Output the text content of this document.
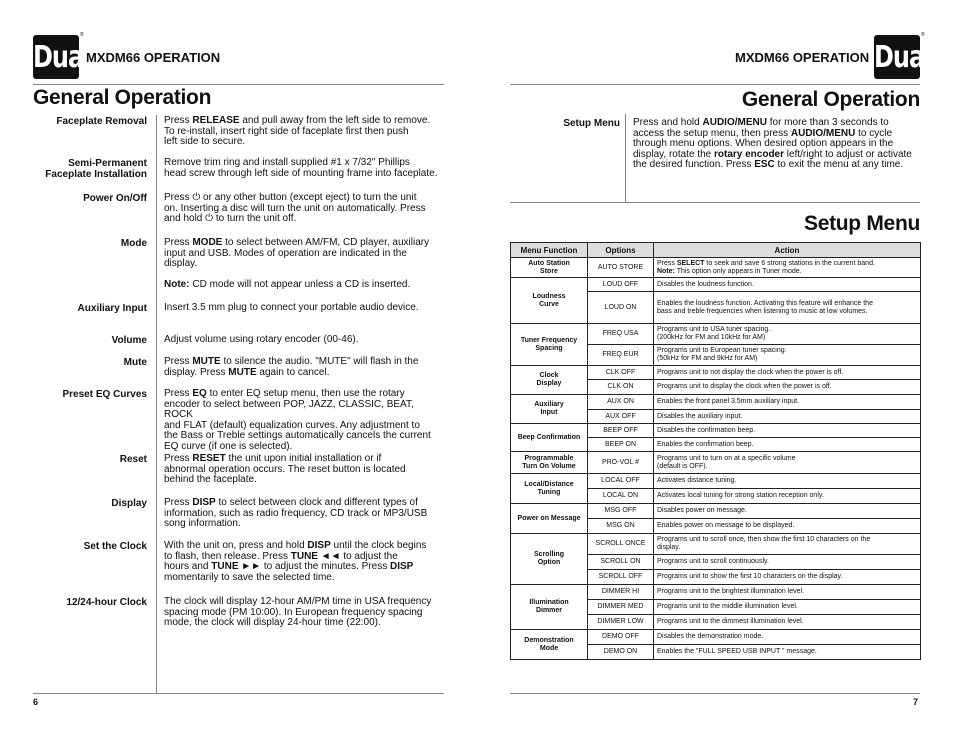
Dual
®
MXDM66 OPERATION
General Operation
6
Faceplate Removal Press RELEASE and pull away from the left side to remove.
To re-install, insert right side of faceplate first then push
left side to secure.
Semi-Permanent
Faceplate Installation
Remove trim ring and install supplied #1 x 7/32" Phillips
head screw through left side of mounting frame into faceplate.
Power On/Off Press ⏻ or any other button (except eject) to turn the unit
on. Inserting a disc will turn the unit on automatically. Press
and hold ⏻ to turn the unit off.
Mode Press MODE to select between AM/FM, CD player, auxiliary
input and USB. Modes of operation are indicated in the
display.
Note: CD mode will not appear unless a CD is inserted.
Auxiliary Input Insert 3.5 mm plug to connect your portable audio device.
Volume Adjust volume using rotary encoder (00-46).
Mute Press MUTE to silence the audio. "MUTE" will flash in the
display. Press MUTE again to cancel.
Preset EQ Curves Press EQ to enter EQ setup menu, then use the rotary
encoder to select between POP, JAZZ, CLASSIC, BEAT, ROCK
and FLAT (default) equalization curves. Any adjustment to
the Bass or Treble settings automatically cancels the current
EQ curve (if one is selected).
Reset Press RESET the unit upon initial installation or if
abnormal operation occurs. The reset button is located
behind the faceplate.
Display Press DISP to select between clock and different types of
information, such as radio frequency, CD track or MP3/USB
song information.
Set the Clock With the unit on, press and hold DISP until the clock begins
to flash, then release. Press TUNE ◄◄ to adjust the
hours and TUNE ►► to adjust the minutes. Press DISP
momentarily to save the selected time.
12/24-hour Clock The clock will display 12-hour AM/PM time in USA frequency
spacing mode (PM 10:00). In European frequency spacing
mode, the clock will display 24-hour time (22:00).
MXDM66 OPERATION Dual
®
General Operation
Setup Menu Press and hold AUDIO/MENU for more than 3 seconds to
access the setup menu, then press AUDIO/MENU to cycle
through menu options. When desired option appears in the
display, rotate the rotary encoder left/right to adjust or activate
the desired function. Press ESC to exit the menu at any time.
Setup Menu
Menu Function	Options	Action
Auto Station
Store	AUTO STORE	Press SELECT to seek and save 6 strong stations in the current band.
Note: This option only appears in Tuner mode.
Loudness
Curve	LOUD OFF	Disables the loudness function.
	LOUD ON	Enables the loudness function. Activating this feature will enhance the
bass and treble frequencies when listening to music at low volumes.
Tuner Frequency
Spacing	FREQ USA	Programs unit to USA tuner spacing.
(200kHz for FM and 10kHz for AM)
	FREQ EUR	Programs unit to European tuner spacing.
(50kHz for FM and 9kHz for AM)
Clock
Display	CLK OFF	Programs unit to not display the clock when the power is off.
	CLK ON	Programs unit to display the clock when the power is off.
Auxiliary
Input	AUX ON	Enables the front panel 3.5mm auxiliary input.
	AUX OFF	Disables the auxiliary input.
Beep Confirmation	BEEP OFF	Disables the confirmation beep.
	BEEP ON	Enables the confirmation beep.
Programmable
Turn On Volume	PRO-VOL #	Programs unit to turn on at a specific volume
(default is OFF).
Local/Distance
Tuning	LOCAL OFF	Activates distance tuning.
	LOCAL ON	Activates local tuning for strong station reception only.
Power on Message	MSG OFF	Disables power on message.
	MSG ON	Enables power on message to be displayed.
Scrolling
Option	SCROLL ONCE	Programs unit to scroll once, then show the first 10 characters on the
display.
	SCROLL ON	Programs unit to scroll continuously.
	SCROLL OFF	Programs unit to show the first 10 characters on the display.
Illumination
Dimmer	DIMMER HI	Programs unit to the brightest illumination level.
	DIMMER MED	Programs unit to the middle illumination level.
	DIMMER LOW	Programs unit to the dimmest illumination level.
Demonstration
Mode	DEMO OFF	Disables the demonstration mode.
	DEMO ON	Enables the "FULL SPEED USB INPUT " message.
7
